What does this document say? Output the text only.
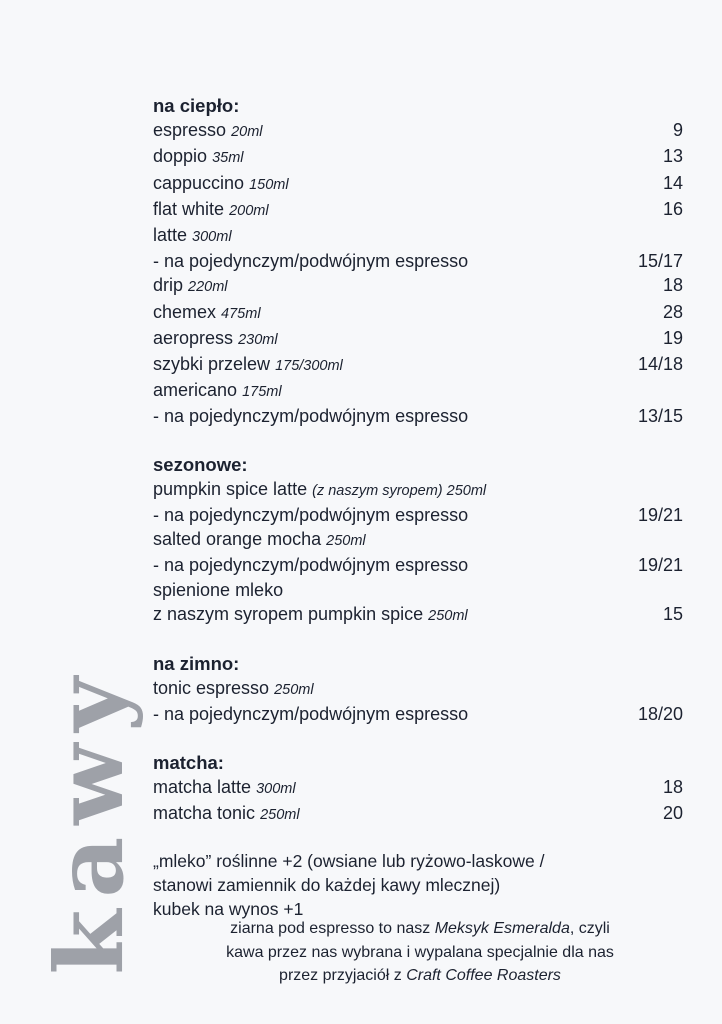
na ciepło:
espresso 20ml	9
doppio 35ml	13
cappuccino 150ml	14
flat white 200ml	16
latte 300ml
- na pojedynczym/podwójnym espresso	15/17
drip 220ml	18
chemex 475ml	28
aeropress 230ml	19
szybki przelew 175/300ml	14/18
americano 175ml
- na pojedynczym/podwójnym espresso	13/15
sezonowe:
pumpkin spice latte (z naszym syropem) 250ml
- na pojedynczym/podwójnym espresso	19/21
salted orange mocha 250ml
- na pojedynczym/podwójnym espresso	19/21
spienione mleko
z naszym syropem pumpkin spice 250ml	15
na zimno:
tonic espresso 250ml
- na pojedynczym/podwójnym espresso	18/20
matcha:
matcha latte 300ml	18
matcha tonic 250ml	20
„mleko” roślinne +2 (owsiane lub ryżowo-laskowe /
stanowi zamiennik do każdej kawy mlecznej)
kubek na wynos +1
ziarna pod espresso to nasz Meksyk Esmeralda, czyli
kawa przez nas wybrana i wypalana specjalnie dla nas
przez przyjaciół z Craft Coffee Roasters
kawy
